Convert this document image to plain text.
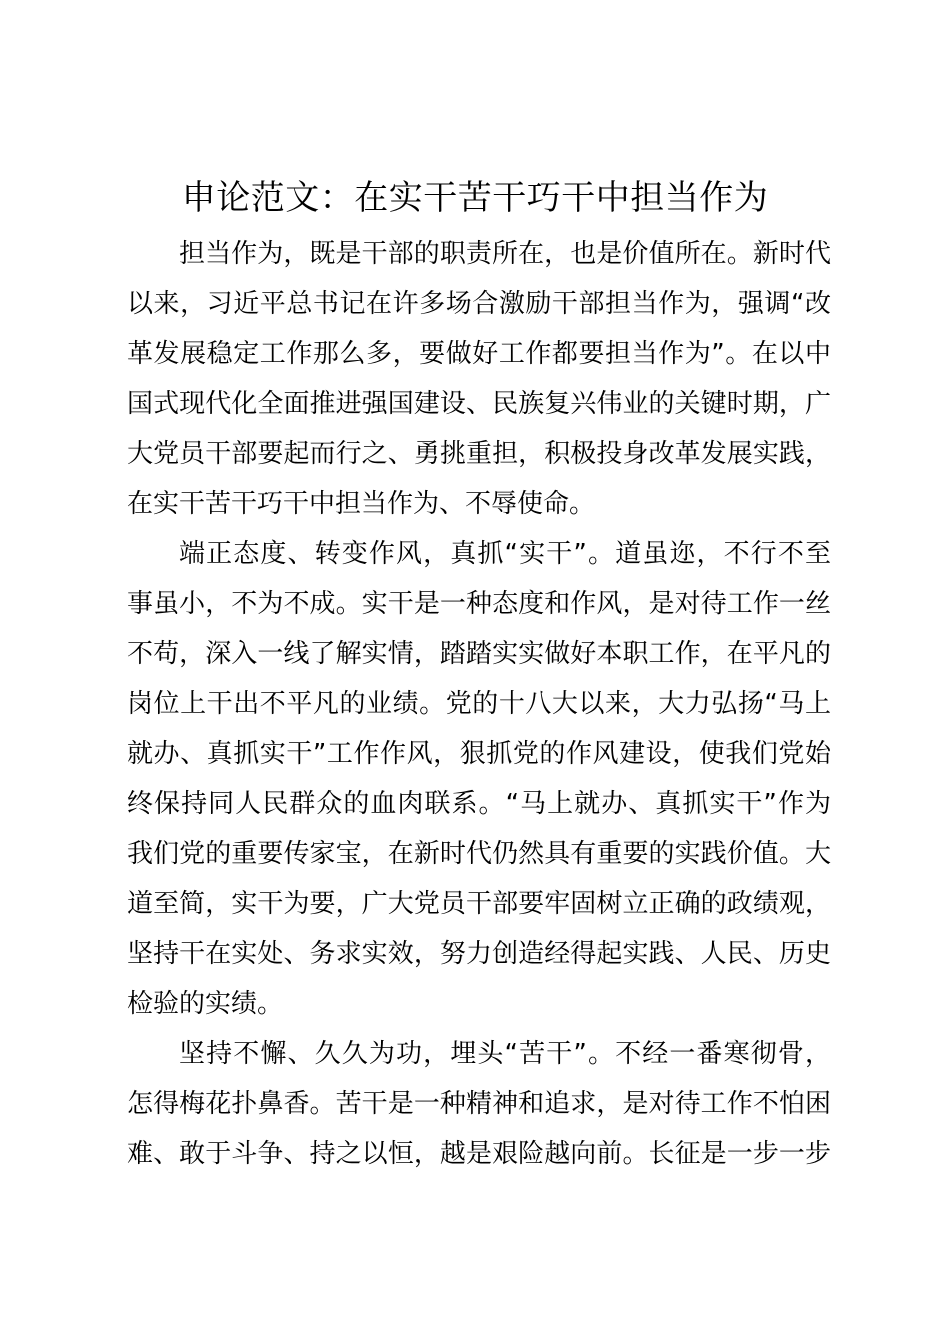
申论范文：在实干苦干巧干中担当作为
担当作为，既是干部的职责所在，也是价值所在。新时代
以来，习近平总书记在许多场合激励干部担当作为，强调“改
革发展稳定工作那么多，要做好工作都要担当作为”。在以中
国式现代化全面推进强国建设、民族复兴伟业的关键时期，广
大党员干部要起而行之、勇挑重担，积极投身改革发展实践，
在实干苦干巧干中担当作为、不辱使命。
端正态度、转变作风，真抓“实干”。道虽迩，不行不至
事虽小，不为不成。实干是一种态度和作风，是对待工作一丝
不苟，深入一线了解实情，踏踏实实做好本职工作，在平凡的
岗位上干出不平凡的业绩。党的十八大以来，大力弘扬“马上
就办、真抓实干”工作作风，狠抓党的作风建设，使我们党始
终保持同人民群众的血肉联系。“马上就办、真抓实干”作为
我们党的重要传家宝，在新时代仍然具有重要的实践价值。大
道至简，实干为要，广大党员干部要牢固树立正确的政绩观，
坚持干在实处、务求实效，努力创造经得起实践、人民、历史
检验的实绩。
坚持不懈、久久为功，埋头“苦干”。不经一番寒彻骨，
怎得梅花扑鼻香。苦干是一种精神和追求，是对待工作不怕困
难、敢于斗争、持之以恒，越是艰险越向前。长征是一步一步
